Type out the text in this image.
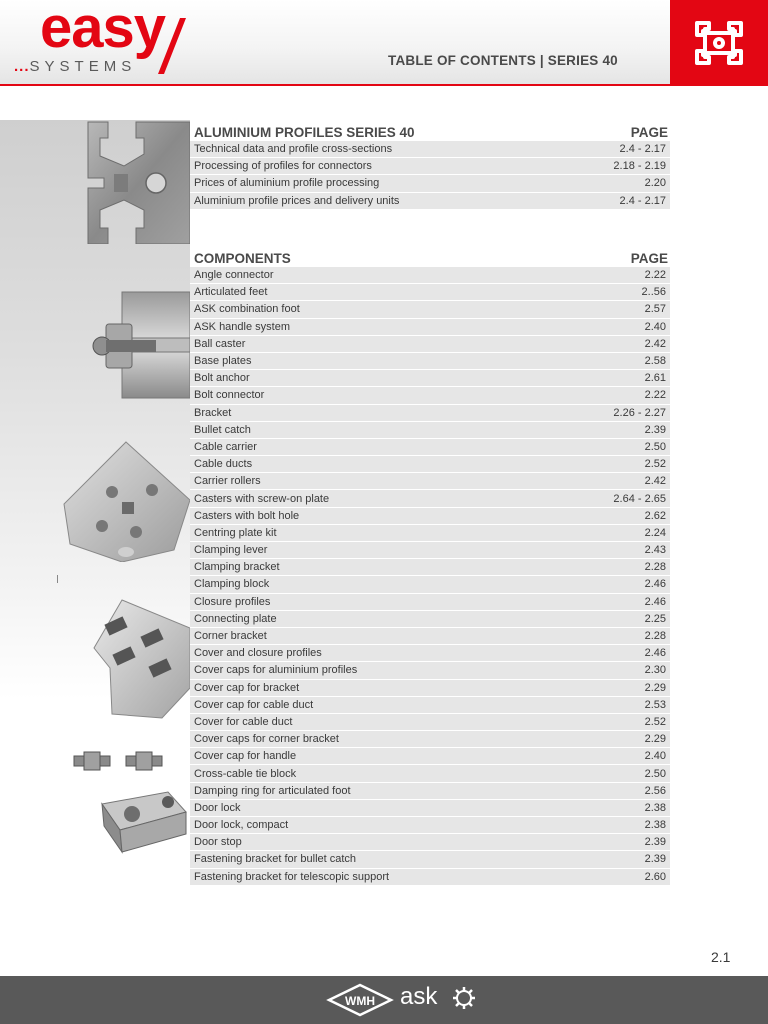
easy
...SYSTEMS	TABLE OF CONTENTS | SERIES 40
ALUMINIUM PROFILES SERIES 40	PAGE
Technical data and profile cross-sections	2.4 - 2.17
Processing of profiles for connectors	2.18 - 2.19
Prices of aluminium profile processing	2.20
Aluminium profile prices and delivery units	2.4 - 2.17
COMPONENTS	PAGE
Angle connector	2.22
Articulated feet	2..56
ASK combination foot	2.57
ASK handle system	2.40
Ball caster	2.42
Base plates	2.58
Bolt anchor	2.61
Bolt connector	2.22
Bracket	2.26 - 2.27
Bullet catch	2.39
Cable carrier	2.50
Cable ducts	2.52
Carrier rollers	2.42
Casters with screw-on plate	2.64 - 2.65
Casters with bolt hole	2.62
Centring plate kit	2.24
Clamping lever	2.43
Clamping bracket	2.28
Clamping block	2.46
Closure profiles	2.46
Connecting plate	2.25
Corner bracket	2.28
Cover and closure profiles	2.46
Cover caps for aluminium profiles	2.30
Cover cap for bracket	2.29
Cover cap for cable duct	2.53
Cover for cable duct	2.52
Cover caps for corner bracket	2.29
Cover cap for handle	2.40
Cross-cable tie block	2.50
Damping ring for articulated foot	2.56
Door lock	2.38
Door lock, compact	2.38
Door stop	2.39
Fastening bracket for bullet catch	2.39
Fastening bracket for telescopic support	2.60
2.1
WMH ask
